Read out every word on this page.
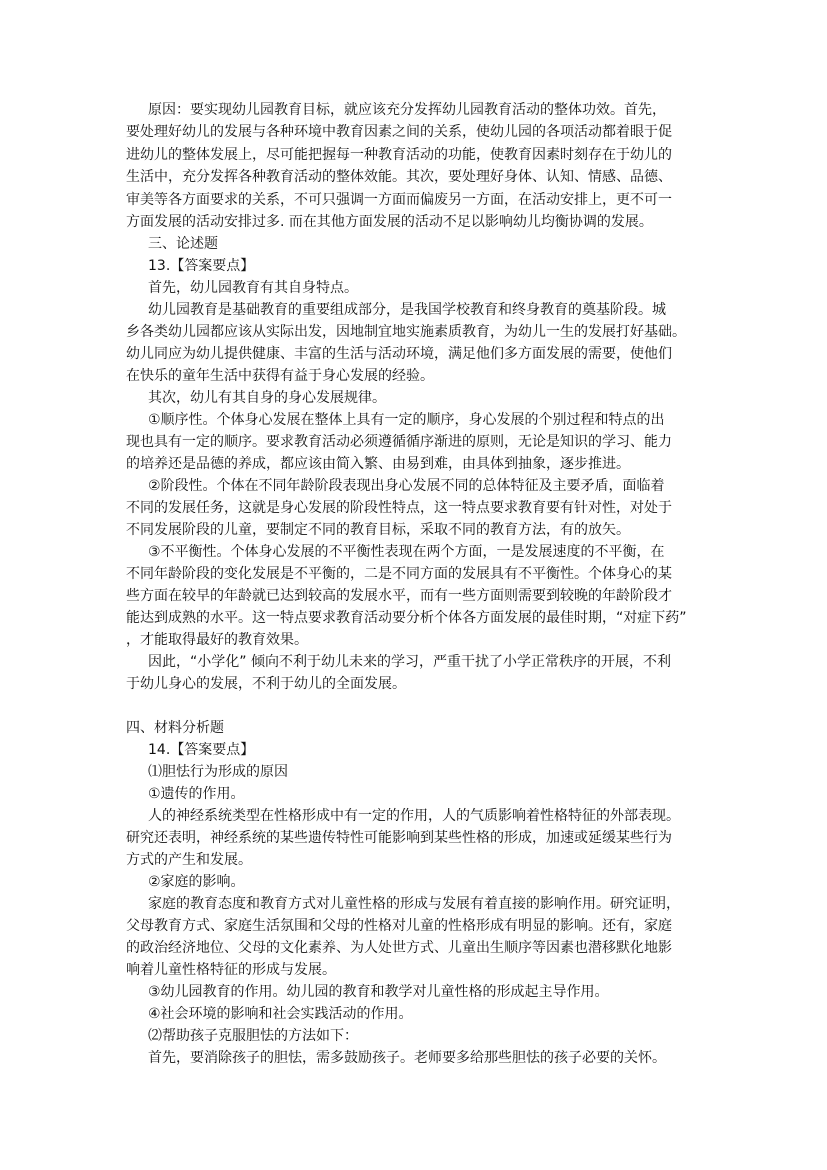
原因：要实现幼儿园教育目标，就应该充分发挥幼儿园教育活动的整体功效。首先，
要处理好幼儿的发展与各种环境中教育因素之间的关系，使幼儿园的各项活动都着眼于促
进幼儿的整体发展上，尽可能把握每一种教育活动的功能，使教育因素时刻存在于幼儿的
生活中，充分发挥各种教育活动的整体效能。其次，要处理好身体、认知、情感、品德、
审美等各方面要求的关系，不可只强调一方面而偏废另一方面，在活动安排上，更不可一
方面发展的活动安排过多. 而在其他方面发展的活动不足以影响幼儿均衡协调的发展。
三、论述题
13.【答案要点】
首先，幼儿园教育有其自身特点。
幼儿园教育是基础教育的重要组成部分，是我国学校教育和终身教育的奠基阶段。城
乡各类幼儿园都应该从实际出发，因地制宜地实施素质教育，为幼儿一生的发展打好基础。
幼儿同应为幼儿提供健康、丰富的生活与活动环境，满足他们多方面发展的需要，使他们
在快乐的童年生活中获得有益于身心发展的经验。
其次，幼儿有其自身的身心发展规律。
①顺序性。个体身心发展在整体上具有一定的顺序，身心发展的个别过程和特点的出
现也具有一定的顺序。要求教育活动必须遵循循序渐进的原则，无论是知识的学习、能力
的培养还是品德的养成，都应该由简入繁、由易到难，由具体到抽象，逐步推进。
②阶段性。个体在不同年龄阶段表现出身心发展不同的总体特征及主要矛盾，面临着
不同的发展任务，这就是身心发展的阶段性特点，这一特点要求教育要有针对性，对处于
不同发展阶段的儿童，要制定不同的教育目标，采取不同的教育方法，有的放矢。
③不平衡性。个体身心发展的不平衡性表现在两个方面，一是发展速度的不平衡，在
不同年龄阶段的变化发展是不平衡的，二是不同方面的发展具有不平衡性。个体身心的某
些方面在较早的年龄就已达到较高的发展水平，而有一些方面则需要到较晚的年龄阶段才
能达到成熟的水平。这一特点要求教育活动要分析个体各方面发展的最佳时期，“对症下药”
，才能取得最好的教育效果。
因此，“小学化” 倾向不利于幼儿未来的学习，严重干扰了小学正常秩序的开展，不利
于幼儿身心的发展，不利于幼儿的全面发展。
四、材料分析题
14.【答案要点】
⑴胆怯行为形成的原因
①遗传的作用。
人的神经系统类型在性格形成中有一定的作用，人的气质影响着性格特征的外部表现。
研究还表明，神经系统的某些遗传特性可能影响到某些性格的形成，加速或延缓某些行为
方式的产生和发展。
②家庭的影响。
家庭的教育态度和教育方式对儿童性格的形成与发展有着直接的影响作用。研究证明，
父母教育方式、家庭生活氛围和父母的性格对儿童的性格形成有明显的影响。还有，家庭
的政治经济地位、父母的文化素养、为人处世方式、儿童出生顺序等因素也潜移默化地影
响着儿童性格特征的形成与发展。
③幼儿园教育的作用。幼儿园的教育和教学对儿童性格的形成起主导作用。
④社会环境的影响和社会实践活动的作用。
⑵帮助孩子克服胆怯的方法如下：
首先，要消除孩子的胆怯，需多鼓励孩子。老师要多给那些胆怯的孩子必要的关怀。
